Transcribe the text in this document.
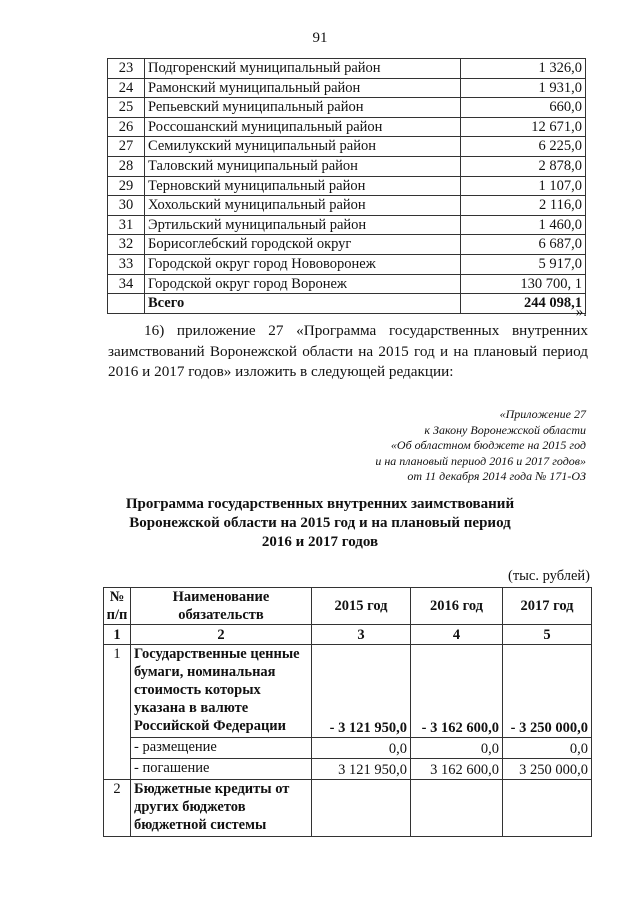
91
23	Подгоренский муниципальный район	1 326,0
24	Рамонский муниципальный район	1 931,0
25	Репьевский муниципальный район	660,0
26	Россошанский муниципальный район	12 671,0
27	Семилукский муниципальный район	6 225,0
28	Таловский муниципальный район	2 878,0
29	Терновский муниципальный район	1 107,0
30	Хохольский муниципальный район	2 116,0
31	Эртильский муниципальный район	1 460,0
32	Борисоглебский городской округ	6 687,0
33	Городской округ город Нововоронеж	5 917,0
34	Городской округ город Воронеж	130 700, 1
	Всего	244 098,1
».
16) приложение 27 «Программа государственных внутренних заимствований Воронежской области на 2015 год и на плановый период 2016 и 2017 годов» изложить в следующей редакции:
«Приложение 27
к Закону Воронежской области
«Об областном бюджете на 2015 год
и на плановый период 2016 и 2017 годов»
от 11 декабря 2014 года № 171-ОЗ
Программа государственных внутренних заимствований
Воронежской области на 2015 год и на плановый период
2016 и 2017 годов
(тыс. рублей)
№ п/п	Наименование обязательств	2015 год	2016 год	2017 год
1	2	3	4	5
1	Государственные ценные бумаги, номинальная стоимость которых указана в валюте Российской Федерации	- 3 121 950,0	- 3 162 600,0	- 3 250 000,0
	- размещение	0,0	0,0	0,0
	- погашение	3 121 950,0	3 162 600,0	3 250 000,0
2	Бюджетные кредиты от других бюджетов бюджетной системы			
